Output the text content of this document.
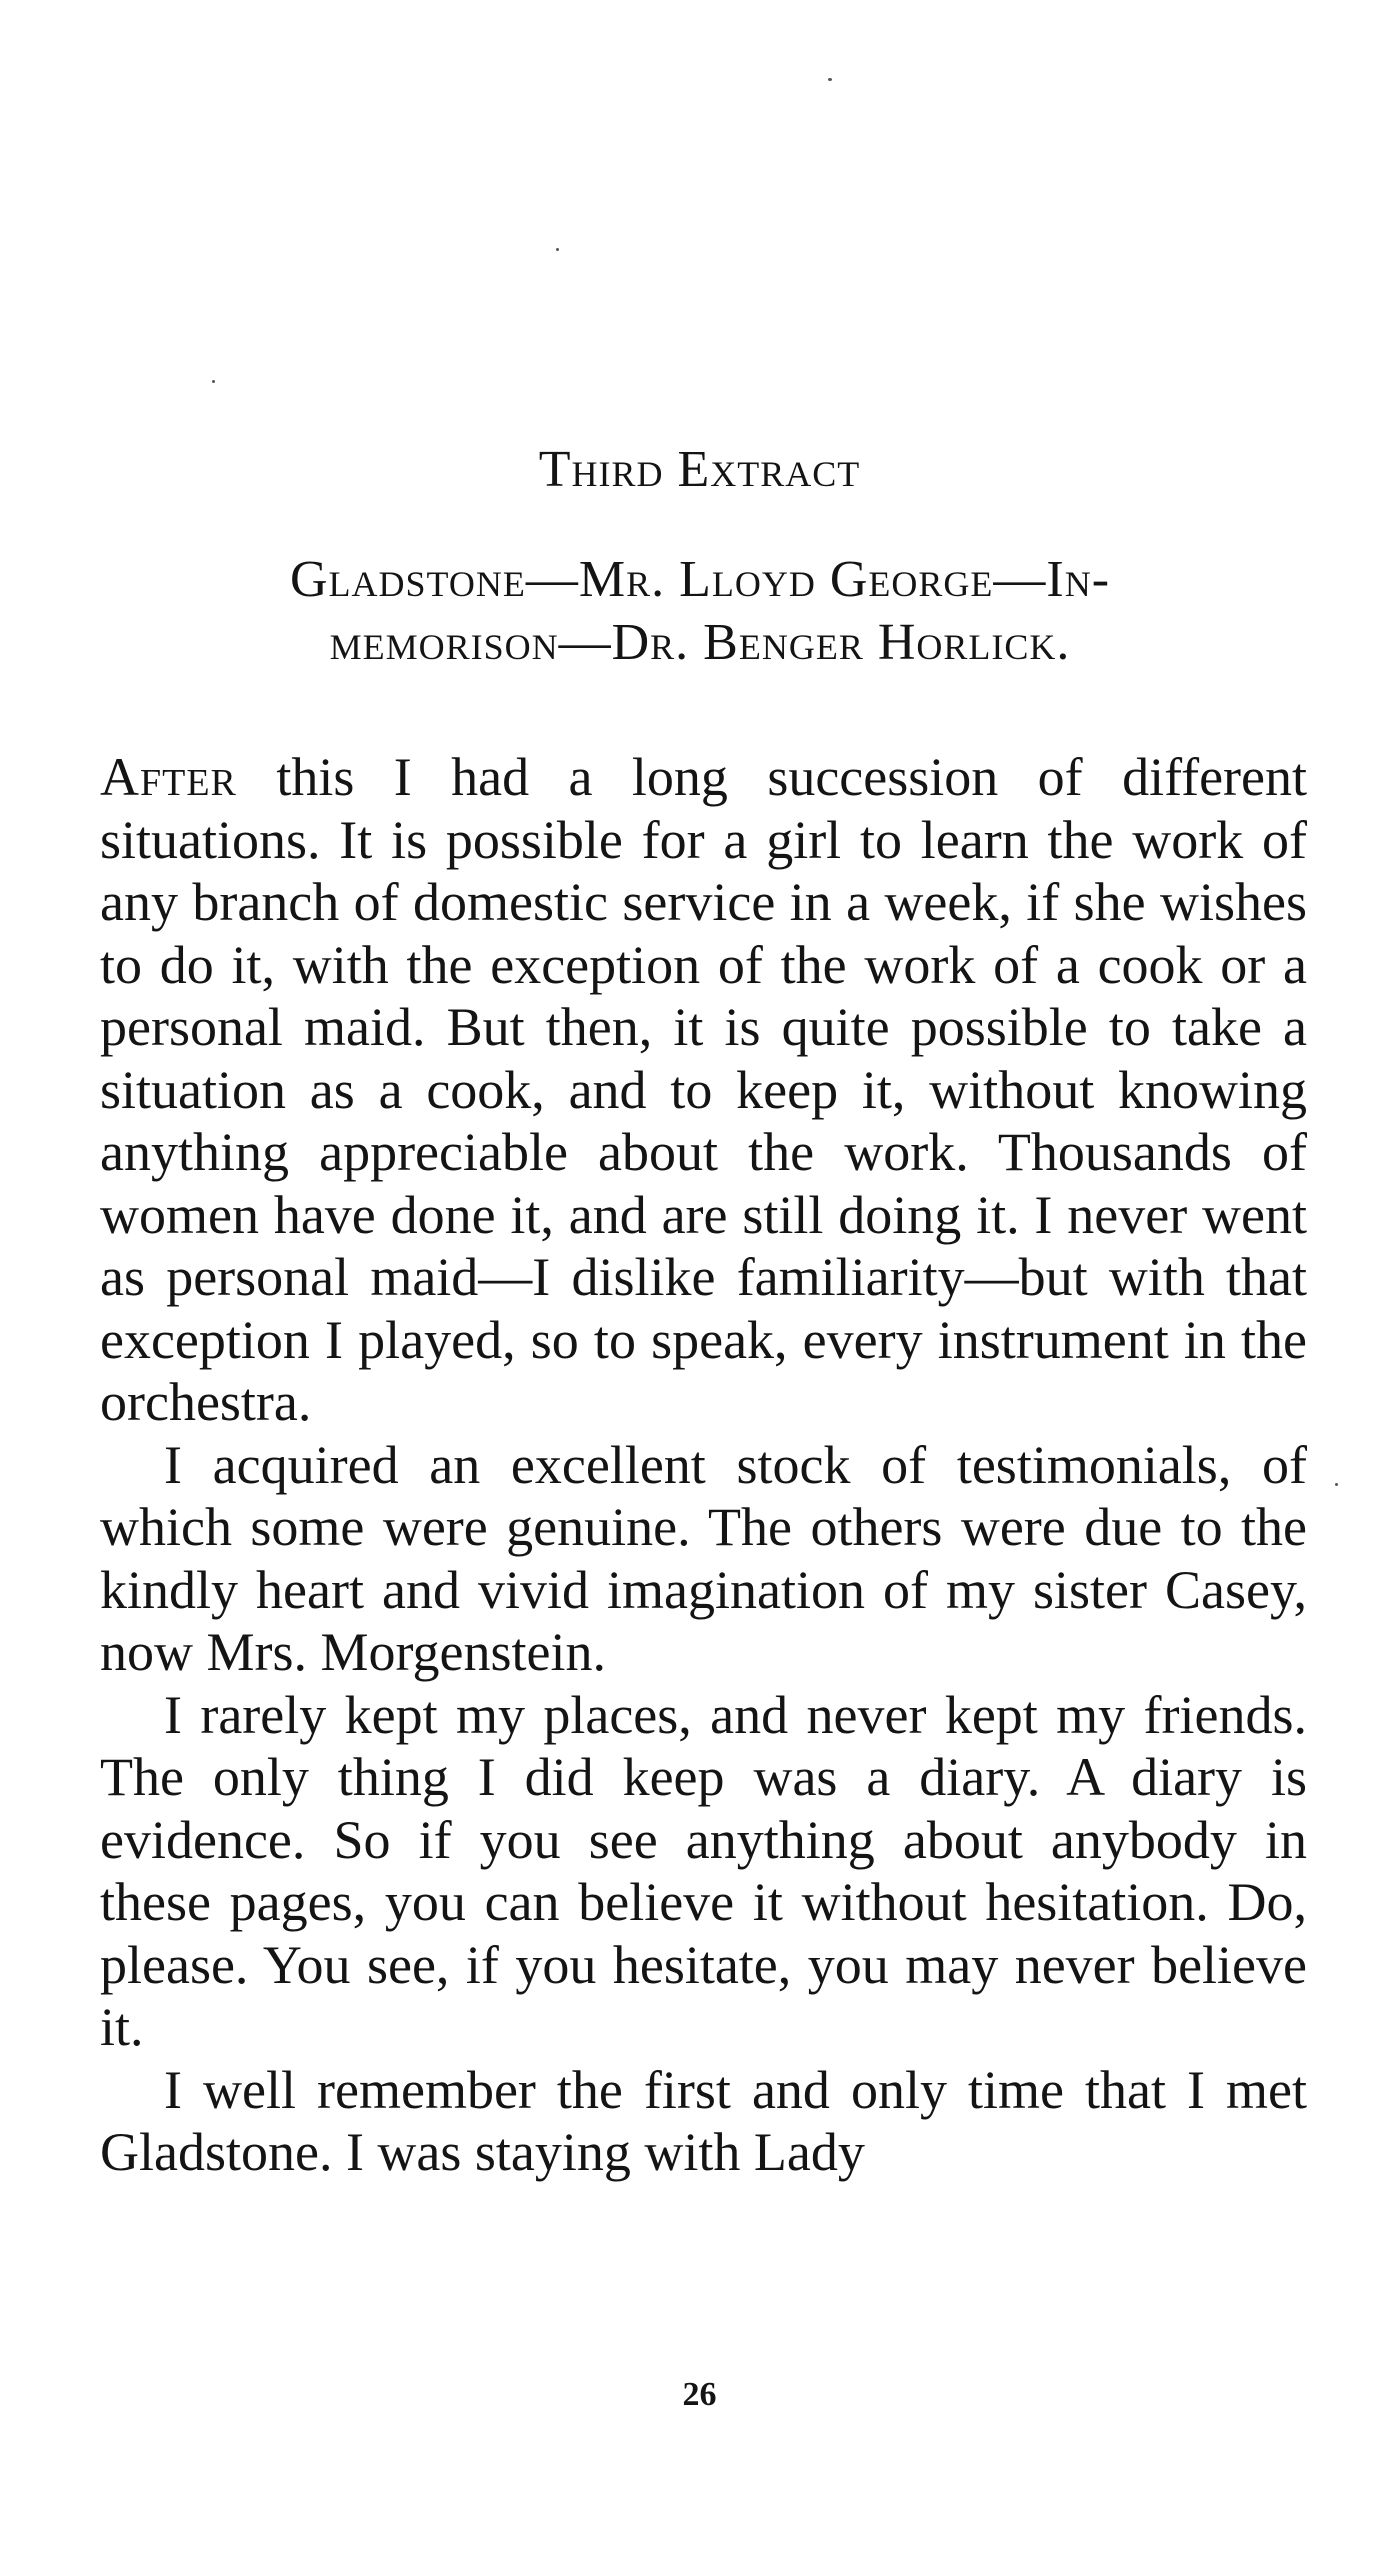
Third Extract
Gladstone—Mr. Lloyd George—In-
memorison—Dr. Benger Horlick.

After this I had a long succession of different situations. It is possible for a girl to learn the work of any branch of domestic service in a week, if she wishes to do it, with the exception of the work of a cook or a personal maid. But then, it is quite possible to take a situation as a cook, and to keep it, without knowing anything appreciable about the work. Thousands of women have done it, and are still doing it. I never went as personal maid—I dislike familiarity—but with that exception I played, so to speak, every instrument in the orchestra.

I acquired an excellent stock of testimonials, of which some were genuine. The others were due to the kindly heart and vivid imagination of my sister Casey, now Mrs. Morgenstein.

I rarely kept my places, and never kept my friends. The only thing I did keep was a diary. A diary is evidence. So if you see anything about anybody in these pages, you can believe it without hesitation. Do, please. You see, if you hesitate, you may never believe it.

I well remember the first and only time that I met Gladstone. I was staying with Lady

26
